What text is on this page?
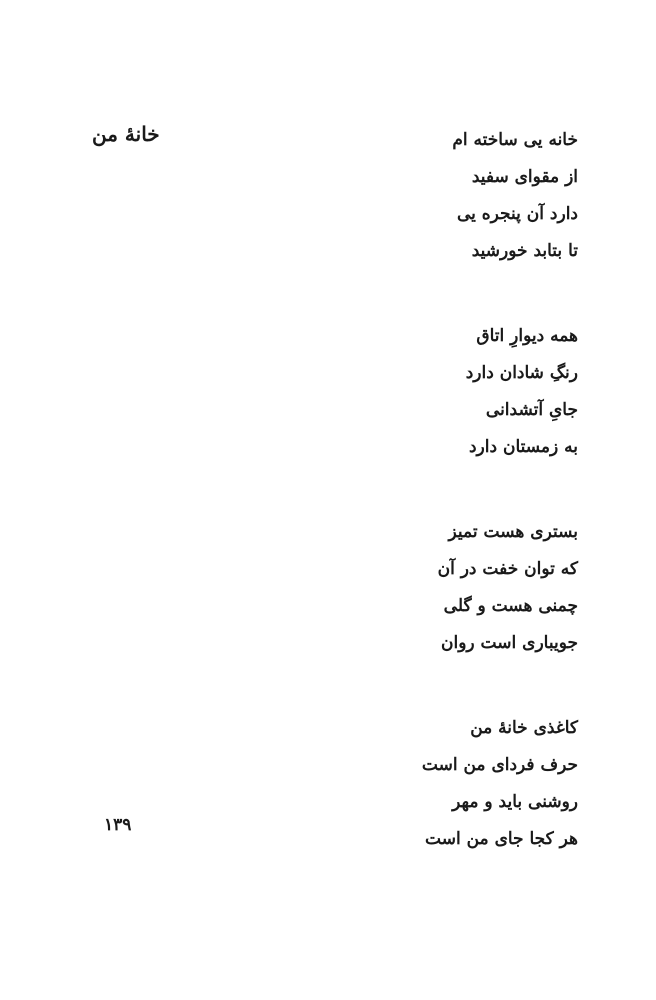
خانهٔ من	خانه یی ساخته ام
از مقوای سفید
دارد آن پنجره یی
تا بتابد خورشید
همه دیوارِ اتاق
رنگِ شادان دارد
جایِ آتشدانی
به زمستان دارد
بستری هست تمیز
که توان خفت در آن
چمنی هست و گلی
جویباری است روان
کاغذی خانهٔ من
حرف فردای من است
روشنی باید و مهر
هر کجا جای من است
۱۳۹
